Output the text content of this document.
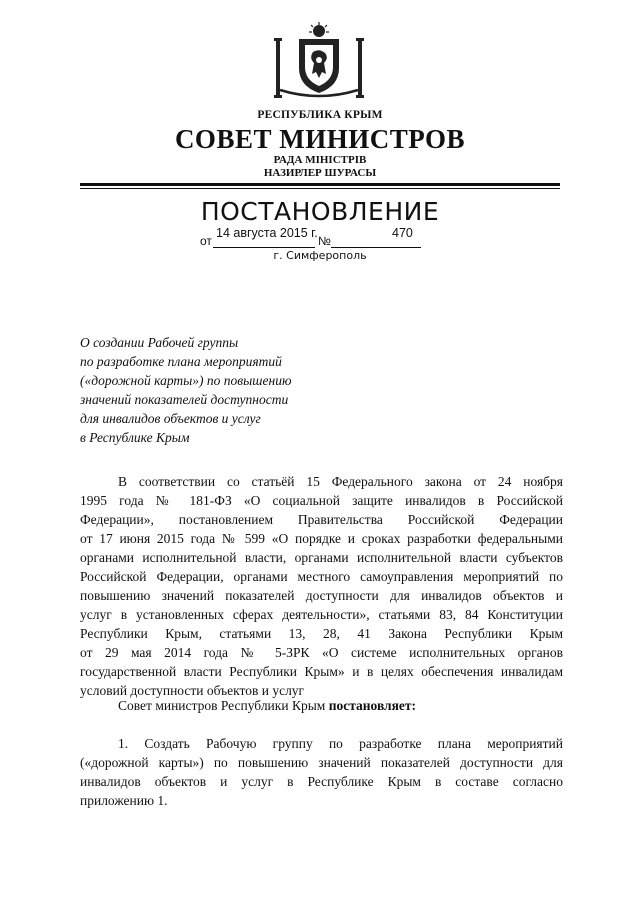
РЕСПУБЛИКА КРЫМ
СОВЕТ МИНИСТРОВ
РАДА МІНІСТРІВ
НАЗИРЛЕР ШУРАСЫ
ПОСТАНОВЛЕНИЕ
от
14 августа 2015 г.
№
470
г. Симферополь
О создании Рабочей группы
по разработке плана мероприятий
(«дорожной карты») по повышению
значений показателей доступности
для инвалидов объектов и услуг
в Республике Крым
В соответствии со статьёй 15 Федерального закона от 24 ноября
1995 года № 181-ФЗ «О социальной защите инвалидов в Российской
Федерации», постановлением Правительства Российской Федерации
от 17 июня 2015 года № 599 «О порядке и сроках разработки федеральными
органами исполнительной власти, органами исполнительной власти субъектов
Российской Федерации, органами местного самоуправления мероприятий по
повышению значений показателей доступности для инвалидов объектов и
услуг в установленных сферах деятельности», статьями 83, 84 Конституции
Республики Крым, статьями 13, 28, 41 Закона Республики Крым
от 29 мая 2014 года № 5-ЗРК «О системе исполнительных органов
государственной власти Республики Крым» и в целях обеспечения инвалидам
условий доступности объектов и услуг
Совет министров Республики Крым постановляет:
1. Создать Рабочую группу по разработке плана мероприятий
(«дорожной карты») по повышению значений показателей доступности для
инвалидов объектов и услуг в Республике Крым в составе согласно
приложению 1.
